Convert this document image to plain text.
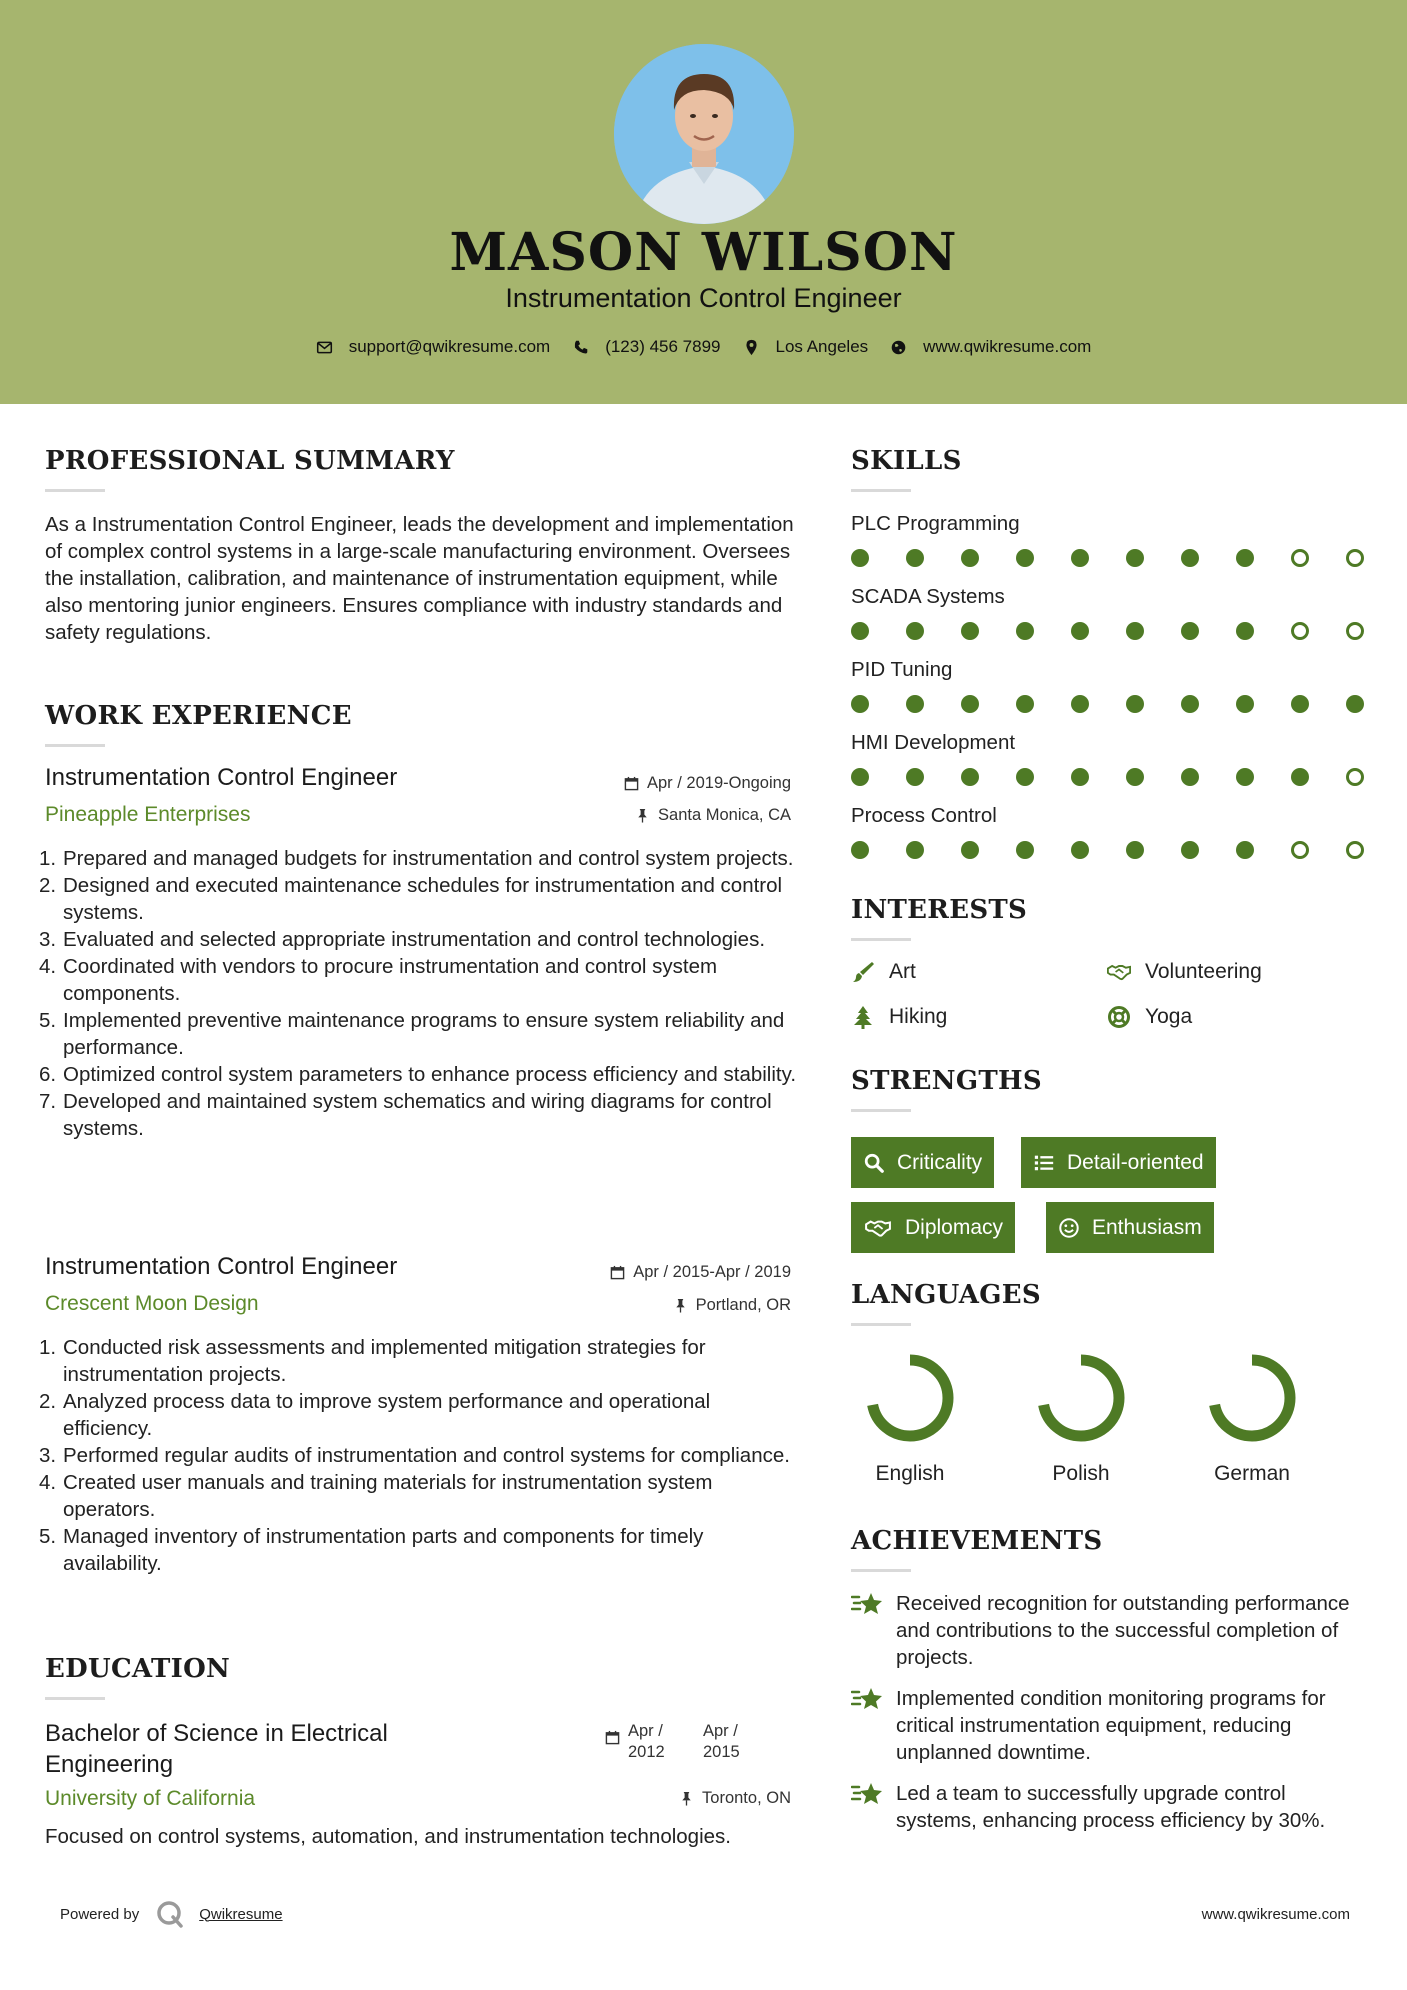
MASON WILSON
Instrumentation Control Engineer
support@qwikresume.com	(123) 456 7899	Los Angeles	www.qwikresume.com
PROFESSIONAL SUMMARY
As a Instrumentation Control Engineer, leads the development and implementation of complex control systems in a large-scale manufacturing environment. Oversees the installation, calibration, and maintenance of instrumentation equipment, while also mentoring junior engineers. Ensures compliance with industry standards and safety regulations.
WORK EXPERIENCE
Instrumentation Control Engineer
Pineapple Enterprises
Apr / 2019-Ongoing
Santa Monica, CA
Prepared and managed budgets for instrumentation and control system projects.
Designed and executed maintenance schedules for instrumentation and control systems.
Evaluated and selected appropriate instrumentation and control technologies.
Coordinated with vendors to procure instrumentation and control system components.
Implemented preventive maintenance programs to ensure system reliability and performance.
Optimized control system parameters to enhance process efficiency and stability.
Developed and maintained system schematics and wiring diagrams for control systems.
Instrumentation Control Engineer
Crescent Moon Design
Apr / 2015-Apr / 2019
Portland, OR
Conducted risk assessments and implemented mitigation strategies for instrumentation projects.
Analyzed process data to improve system performance and operational efficiency.
Performed regular audits of instrumentation and control systems for compliance.
Created user manuals and training materials for instrumentation system operators.
Managed inventory of instrumentation parts and components for timely availability.
EDUCATION
Bachelor of Science in Electrical Engineering
Apr /
2012
Apr /
2015
University of California	Toronto, ON
Focused on control systems, automation, and instrumentation technologies.
SKILLS
PLC Programming
SCADA Systems
PID Tuning
HMI Development
Process Control
INTERESTS
Art	Volunteering
Hiking	Yoga
STRENGTHS
Criticality	Detail-oriented
Diplomacy	Enthusiasm
LANGUAGES
English	Polish	German
ACHIEVEMENTS
Received recognition for outstanding performance and contributions to the successful completion of projects.
Implemented condition monitoring programs for critical instrumentation equipment, reducing unplanned downtime.
Led a team to successfully upgrade control systems, enhancing process efficiency by 30%.
Powered by	Qwikresume	www.qwikresume.com
